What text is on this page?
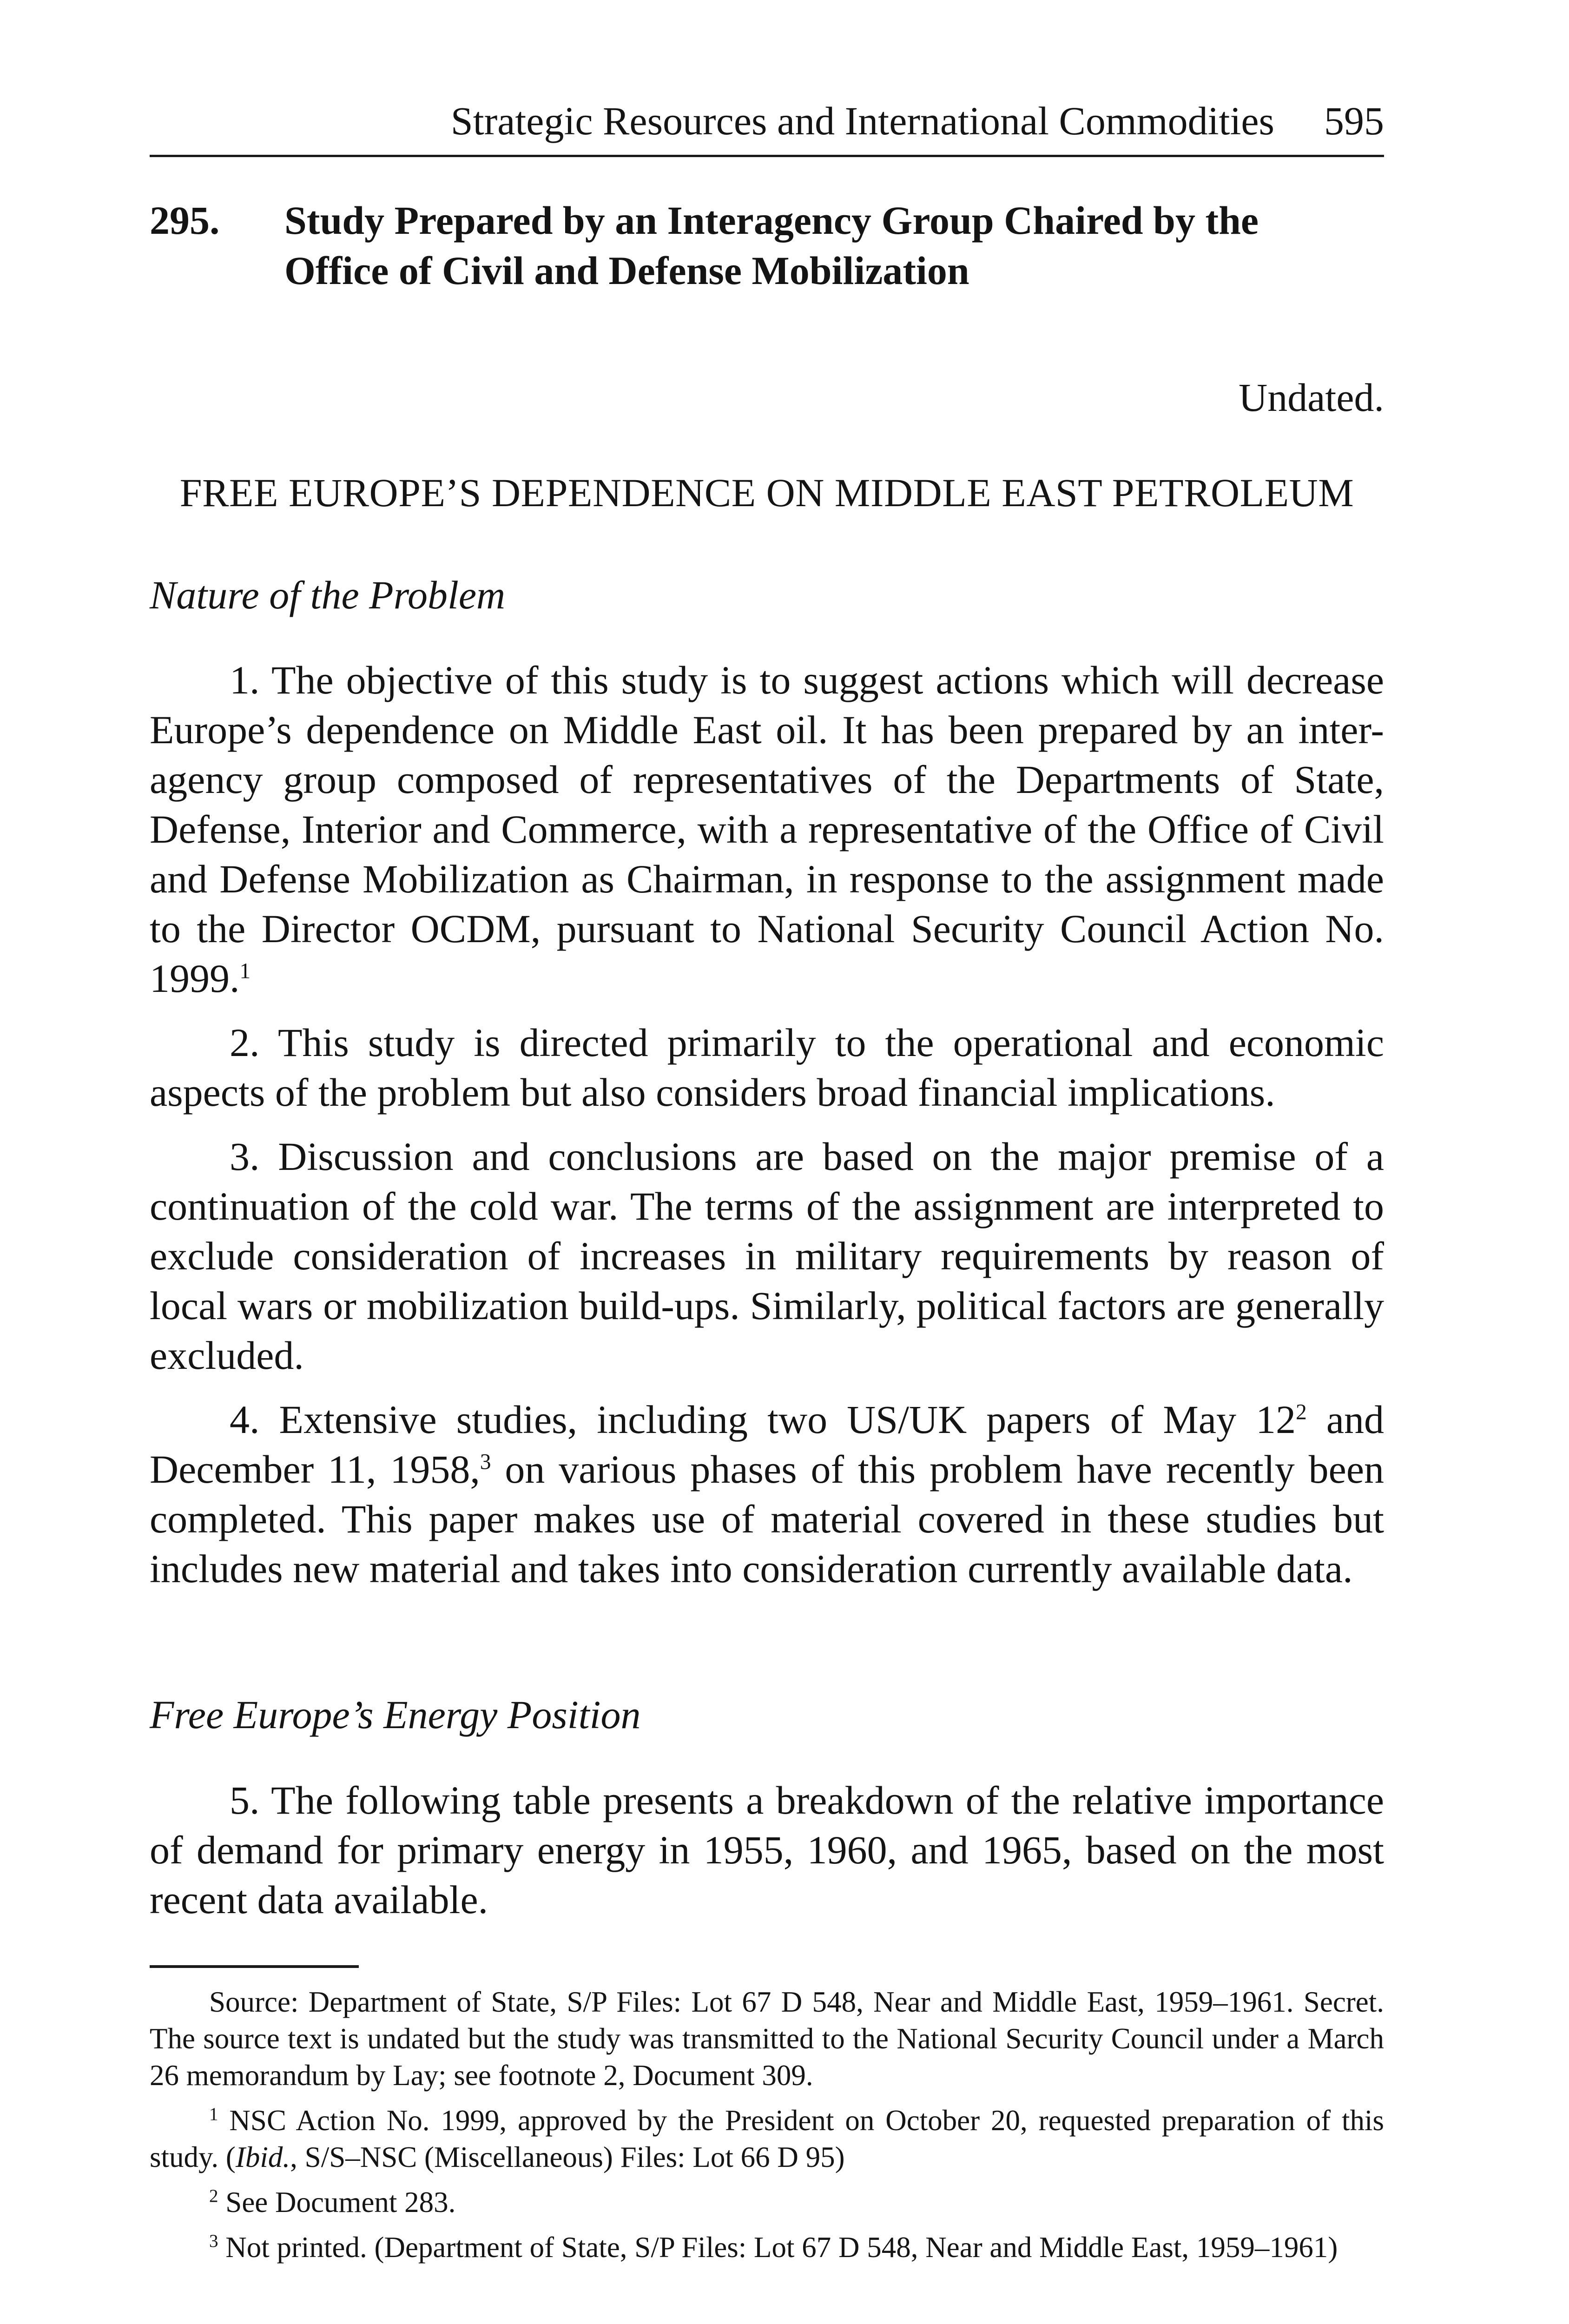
Strategic Resources and International Commodities 595
295. Study Prepared by an Interagency Group Chaired by the
Office of Civil and Defense Mobilization
Undated.
FREE EUROPE’S DEPENDENCE ON MIDDLE EAST PETROLEUM
Nature of the Problem

1. The objective of this study is to suggest actions which will decrease Europe’s dependence on Middle East oil. It has been prepared by an inter-agency group composed of representatives of the Departments of State, Defense, Interior and Commerce, with a representative of the Office of Civil and Defense Mobilization as Chairman, in response to the assignment made to the Director OCDM, pursuant to National Security Council Action No. 1999.$^1$

2. This study is directed primarily to the operational and economic aspects of the problem but also considers broad financial implications.

3. Discussion and conclusions are based on the major premise of a continuation of the cold war. The terms of the assignment are interpreted to exclude consideration of increases in military requirements by reason of local wars or mobilization build-ups. Similarly, political factors are generally excluded.

4. Extensive studies, including two US/UK papers of May $12^2$ and December 11, 1958,$^3$ on various phases of this problem have recently been completed. This paper makes use of material covered in these studies but includes new material and takes into consideration currently available data.

Free Europe’s Energy Position

5. The following table presents a breakdown of the relative importance of demand for primary energy in 1955, 1960, and 1965, based on the most recent data available.

Source: Department of State, S/P Files: Lot 67 D 548, Near and Middle East, 1959–1961. Secret. The source text is undated but the study was transmitted to the National Security Council under a March 26 memorandum by Lay; see footnote 2, Document 309.

$^1$ NSC Action No. 1999, approved by the President on October 20, requested preparation of this study. (Ibid., S/S–NSC (Miscellaneous) Files: Lot 66 D 95)

$^2$ See Document 283.

$^3$ Not printed. (Department of State, S/P Files: Lot 67 D 548, Near and Middle East, 1959–1961)
